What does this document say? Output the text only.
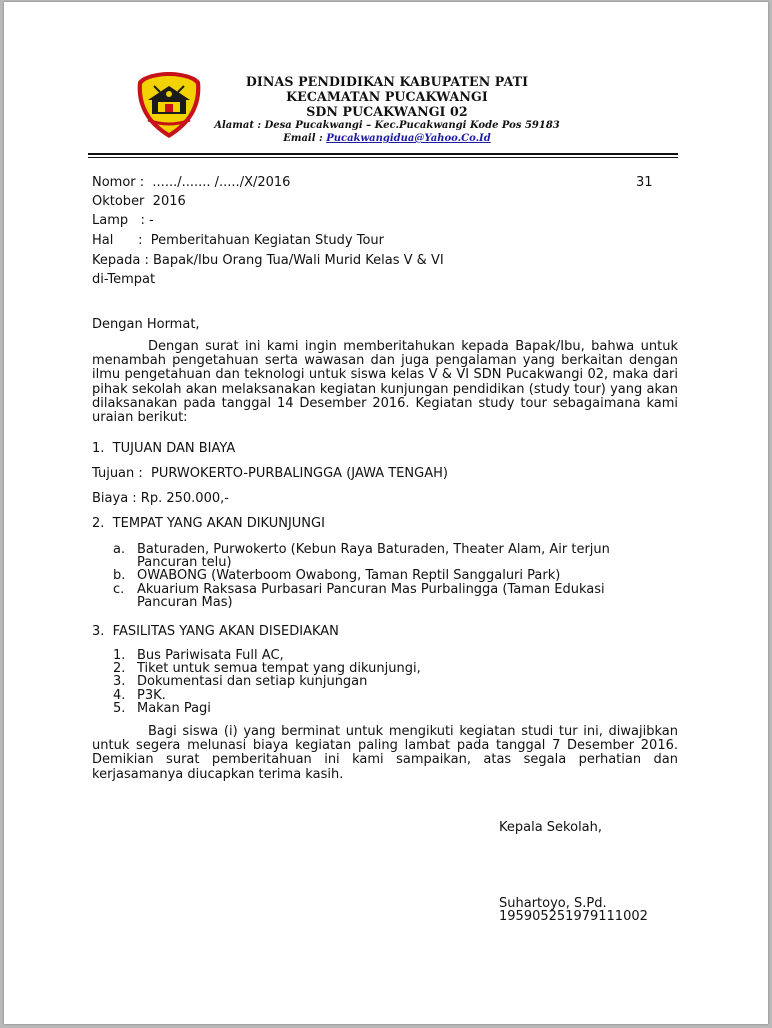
DINAS PENDIDIKAN KABUPATEN PATI
KECAMATAN PUCAKWANGI
SDN PUCAKWANGI 02
Alamat : Desa Pucakwangi – Kec.Pucakwangi Kode Pos 59183
Email : Pucakwangidua@Yahoo.Co.Id
Nomor :  ....../....... /...../X/2016	31
Oktober  2016
Lamp   : -
Hal      :  Pemberitahuan Kegiatan Study Tour
Kepada : Bapak/Ibu Orang Tua/Wali Murid Kelas V & VI
di-Tempat
Dengan Hormat,
Dengan surat ini kami ingin memberitahukan kepada Bapak/Ibu, bahwa untuk menambah pengetahuan serta wawasan dan juga pengalaman yang berkaitan dengan ilmu pengetahuan dan teknologi untuk siswa kelas V & VI SDN Pucakwangi 02, maka dari pihak sekolah akan melaksanakan kegiatan kunjungan pendidikan (study tour) yang akan dilaksanakan pada tanggal 14 Desember 2016. Kegiatan study tour sebagaimana kami uraian berikut:
1.  TUJUAN DAN BIAYA
Tujuan :  PURWOKERTO-PURBALINGGA (JAWA TENGAH)
Biaya : Rp. 250.000,-
2.  TEMPAT YANG AKAN DIKUNJUNGI
a. Baturaden, Purwokerto (Kebun Raya Baturaden, Theater Alam, Air terjun Pancuran telu)
b. OWABONG (Waterboom Owabong, Taman Reptil Sanggaluri Park)
c. Akuarium Raksasa Purbasari Pancuran Mas Purbalingga (Taman Edukasi Pancuran Mas)
3.  FASILITAS YANG AKAN DISEDIAKAN
1. Bus Pariwisata Full AC,
2. Tiket untuk semua tempat yang dikunjungi,
3. Dokumentasi dan setiap kunjungan
4. P3K.
5. Makan Pagi
Bagi siswa (i) yang berminat untuk mengikuti kegiatan studi tur ini, diwajibkan untuk segera melunasi biaya kegiatan paling lambat pada tanggal 7 Desember 2016. Demikian surat pemberitahuan ini kami sampaikan, atas segala perhatian dan kerjasamanya diucapkan terima kasih.
Kepala Sekolah,
Suhartoyo, S.Pd.
195905251979111002
